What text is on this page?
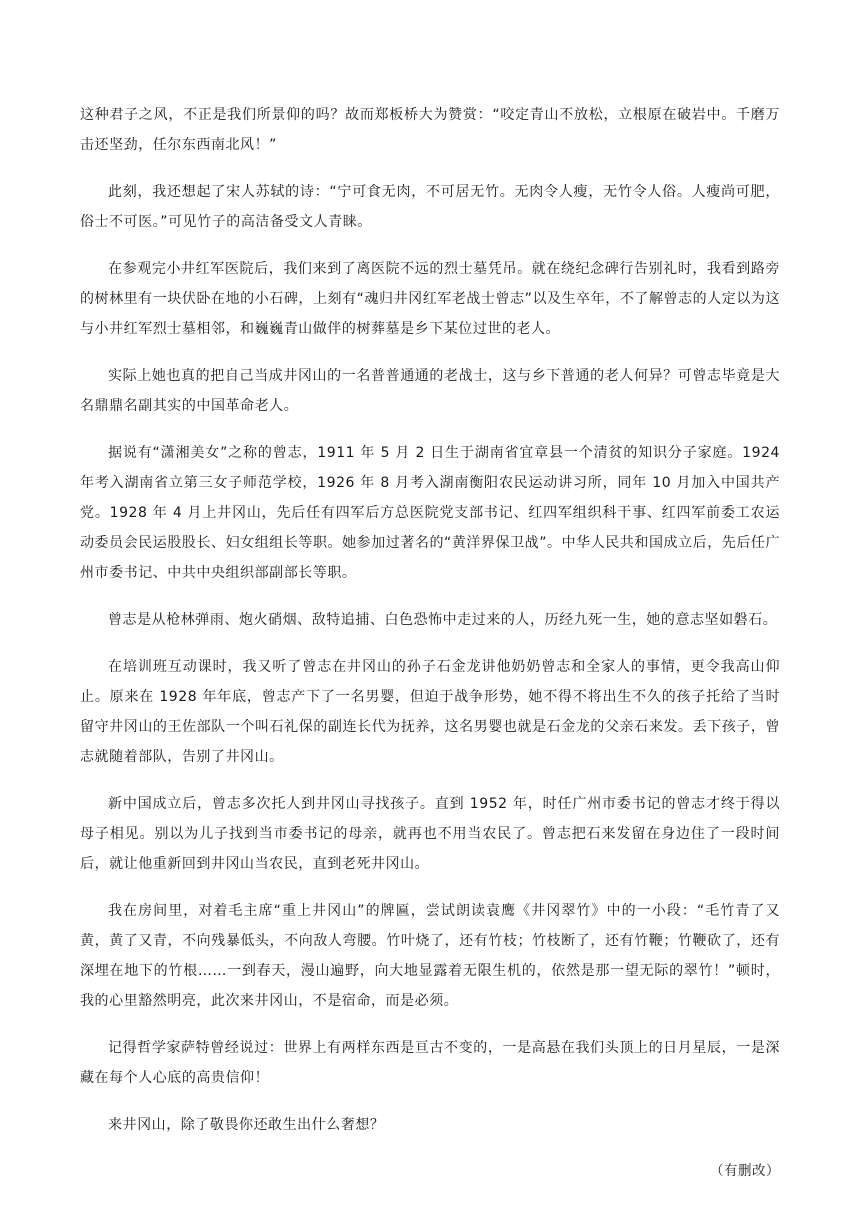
这种君子之风，不正是我们所景仰的吗？故而郑板桥大为赞赏：“咬定青山不放松，立根原在破岩中。千磨万击还坚劲，任尔东西南北风！”

此刻，我还想起了宋人苏轼的诗：“宁可食无肉，不可居无竹。无肉令人瘦，无竹令人俗。人瘦尚可肥，俗士不可医。”可见竹子的高洁备受文人青睐。

在参观完小井红军医院后，我们来到了离医院不远的烈士墓凭吊。就在绕纪念碑行告别礼时，我看到路旁的树林里有一块伏卧在地的小石碑，上刻有“魂归井冈红军老战士曾志”以及生卒年，不了解曾志的人定以为这与小井红军烈士墓相邻，和巍巍青山做伴的树葬墓是乡下某位过世的老人。

实际上她也真的把自己当成井冈山的一名普普通通的老战士，这与乡下普通的老人何异？可曾志毕竟是大名鼎鼎名副其实的中国革命老人。

据说有“潇湘美女”之称的曾志，1911 年 5 月 2 日生于湖南省宜章县一个清贫的知识分子家庭。1924 年考入湖南省立第三女子师范学校，1926 年 8 月考入湖南衡阳农民运动讲习所，同年 10 月加入中国共产党。1928 年 4 月上井冈山，先后任有四军后方总医院党支部书记、红四军组织科干事、红四军前委工农运动委员会民运股股长、妇女组组长等职。她参加过著名的“黄洋界保卫战”。中华人民共和国成立后，先后任广州市委书记、中共中央组织部副部长等职。

曾志是从枪林弹雨、炮火硝烟、敌特追捕、白色恐怖中走过来的人，历经九死一生，她的意志坚如磐石。

在培训班互动课时，我又听了曾志在井冈山的孙子石金龙讲他奶奶曾志和全家人的事情，更令我高山仰止。原来在 1928 年年底，曾志产下了一名男婴，但迫于战争形势，她不得不将出生不久的孩子托给了当时留守井冈山的王佐部队一个叫石礼保的副连长代为抚养，这名男婴也就是石金龙的父亲石来发。丢下孩子，曾志就随着部队，告别了井冈山。

新中国成立后，曾志多次托人到井冈山寻找孩子。直到 1952 年，时任广州市委书记的曾志才终于得以母子相见。别以为儿子找到当市委书记的母亲，就再也不用当农民了。曾志把石来发留在身边住了一段时间后，就让他重新回到井冈山当农民，直到老死井冈山。

我在房间里，对着毛主席“重上井冈山”的牌匾，尝试朗读袁鹰《井冈翠竹》中的一小段：“毛竹青了又黄，黄了又青，不向残暴低头，不向敌人弯腰。竹叶烧了，还有竹枝；竹枝断了，还有竹鞭；竹鞭砍了，还有深埋在地下的竹根……一到春天，漫山遍野，向大地显露着无限生机的，依然是那一望无际的翠竹！”顿时，我的心里豁然明亮，此次来井冈山，不是宿命，而是必须。

记得哲学家萨特曾经说过：世界上有两样东西是亘古不变的，一是高悬在我们头顶上的日月星辰，一是深藏在每个人心底的高贵信仰！

来井冈山，除了敬畏你还敢生出什么奢想？

（有删改）
